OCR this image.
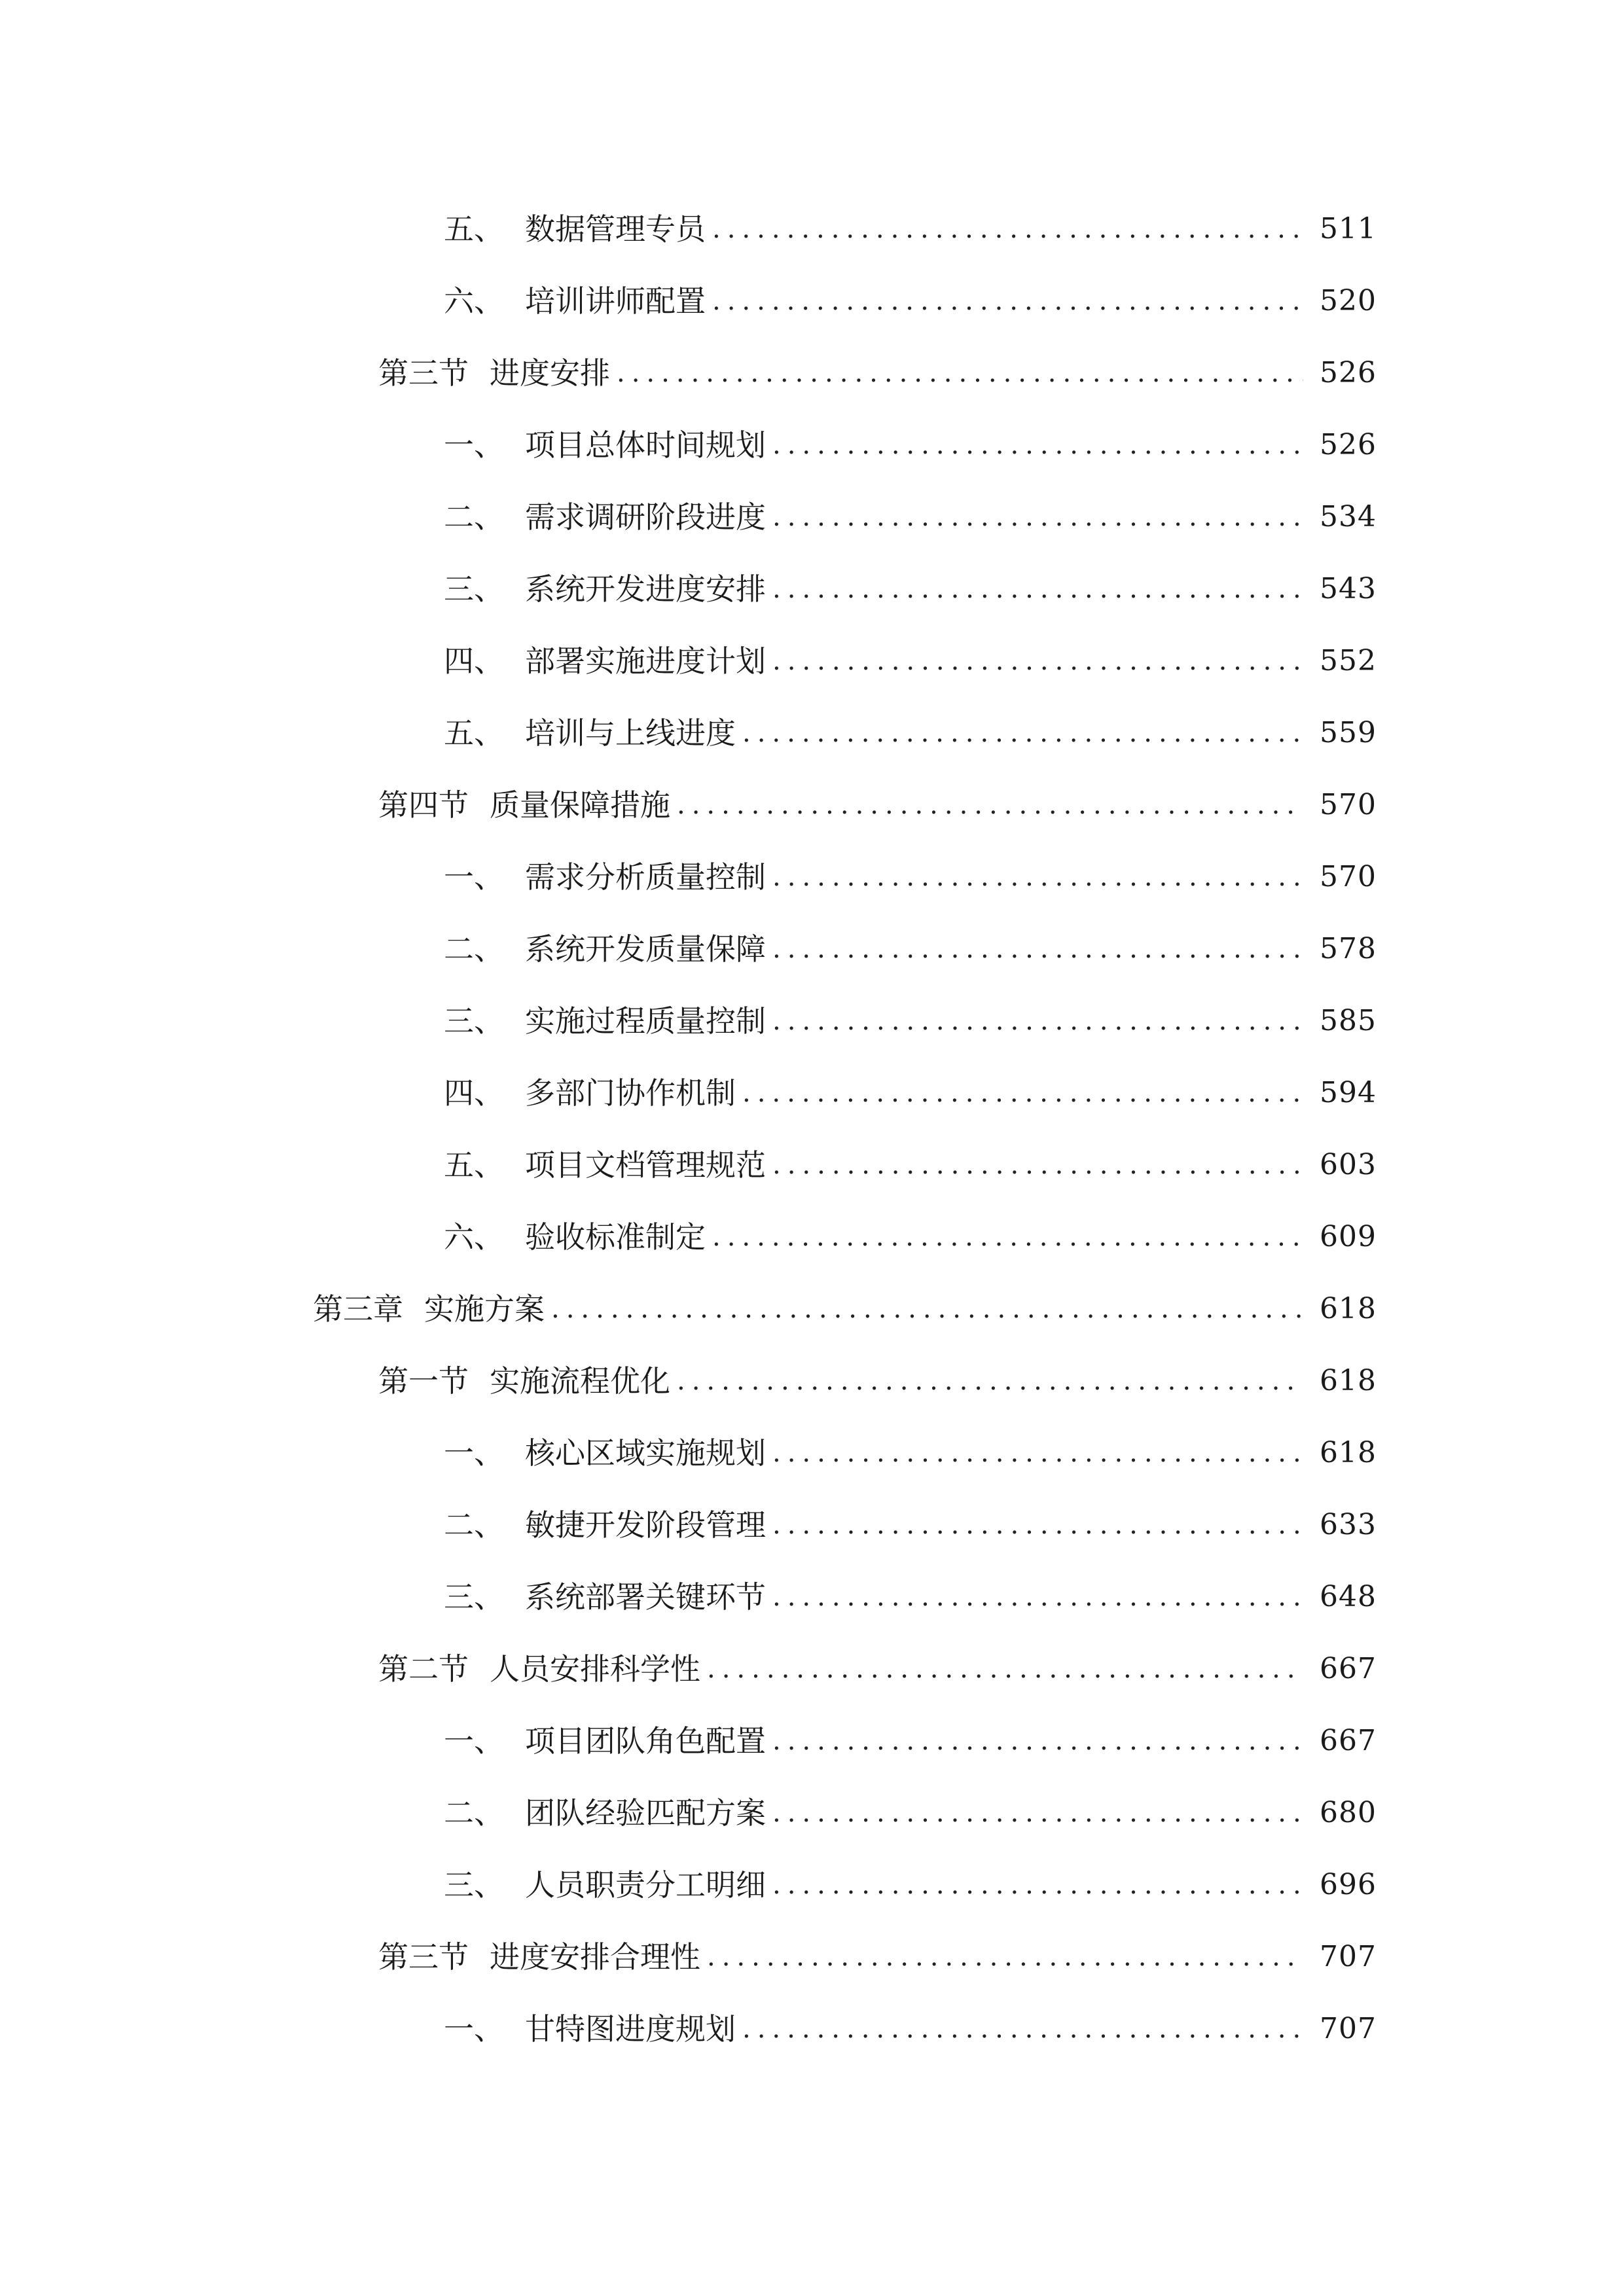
五、 数据管理专员 .....	511
六、 培训讲师配置 .....	520
第三节 进度安排 .....	526
一、 项目总体时间规划 .....	526
二、 需求调研阶段进度 .....	534
三、 系统开发进度安排 .....	543
四、 部署实施进度计划 .....	552
五、 培训与上线进度 .....	559
第四节 质量保障措施 .....	570
一、 需求分析质量控制 .....	570
二、 系统开发质量保障 .....	578
三、 实施过程质量控制 .....	585
四、 多部门协作机制 .....	594
五、 项目文档管理规范 .....	603
六、 验收标准制定 .....	609
第三章 实施方案 .....	618
第一节 实施流程优化 .....	618
一、 核心区域实施规划 .....	618
二、 敏捷开发阶段管理 .....	633
三、 系统部署关键环节 .....	648
第二节 人员安排科学性 .....	667
一、 项目团队角色配置 .....	667
二、 团队经验匹配方案 .....	680
三、 人员职责分工明细 .....	696
第三节 进度安排合理性 .....	707
一、 甘特图进度规划 .....	707
